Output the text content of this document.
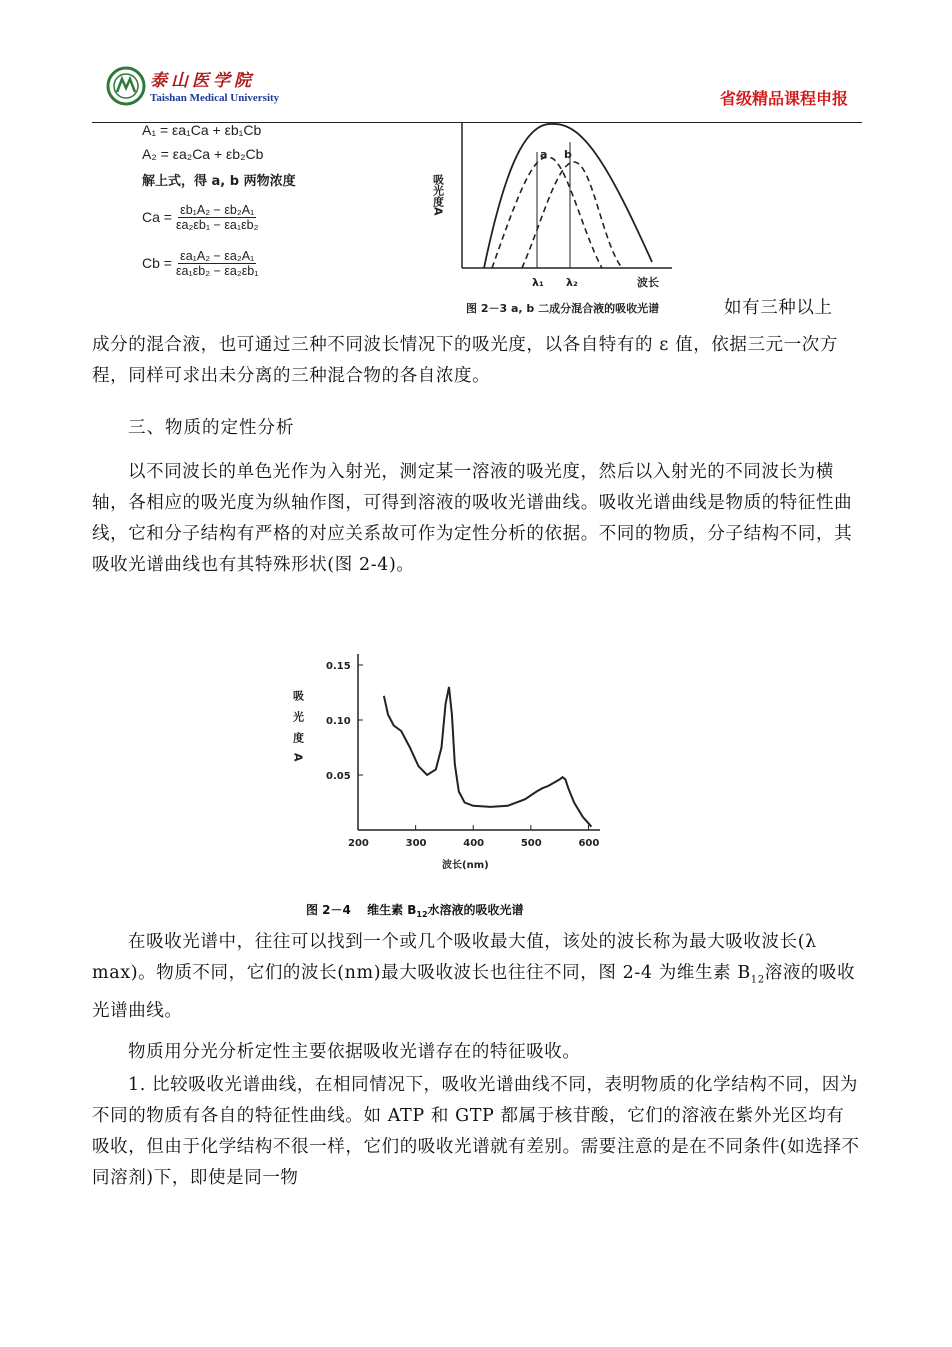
泰山医学院
Taishan Medical University	省级精品课程申报
A₁ = εa₁Ca + εb₁Cb
A₂ = εa₂Ca + εb₂Cb
解上式，得 a, b 两物浓度
$Ca = \frac{\text{εb₁A₂ − εb₂A₁}}{\text{εa₂εb₁ − εa₁εb₂}}$
$Cb = \frac{\text{εa₁A₂ − εa₂A₁}}{\text{εa₁εb₂ − εa₂εb₁}}$
吸光度A
a b
λ₁ λ₂	波长
图 2－3 a, b 二成分混合液的吸收光谱	如有三种以上

成分的混合液，也可通过三种不同波长情况下的吸光度，以各自特有的 ε 值，依据三元一次方程，同样可求出未分离的三种混合物的各自浓度。

三、物质的定性分析

以不同波长的单色光作为入射光，测定某一溶液的吸光度，然后以入射光的不同波长为横轴，各相应的吸光度为纵轴作图，可得到溶液的吸收光谱曲线。吸收光谱曲线是物质的特征性曲线，它和分子结构有严格的对应关系故可作为定性分析的依据。不同的物质，分子结构不同，其吸收光谱曲线也有其特殊形状(图 2-4)。

200	300	400	500	600
0.15
0.10
0.05
吸光度A
波长(nm)
图 2－4 维生素 $B_{12}$水溶液的吸收光谱

在吸收光谱中，往往可以找到一个或几个吸收最大值，该处的波长称为最大吸收波长(λ max)。物质不同，它们的波长(nm)最大吸收波长也往往不同，图 2-4 为维生素 $B_{12}$溶液的吸收光谱曲线。

物质用分光分析定性主要依据吸收光谱存在的特征吸收。

1. 比较吸收光谱曲线，在相同情况下，吸收光谱曲线不同，表明物质的化学结构不同，因为不同的物质有各自的特征性曲线。如 ATP 和 GTP 都属于核苷酸，它们的溶液在紫外光区均有吸收，但由于化学结构不很一样，它们的吸收光谱就有差别。需要注意的是在不同条件(如选择不同溶剂)下，即使是同一物
